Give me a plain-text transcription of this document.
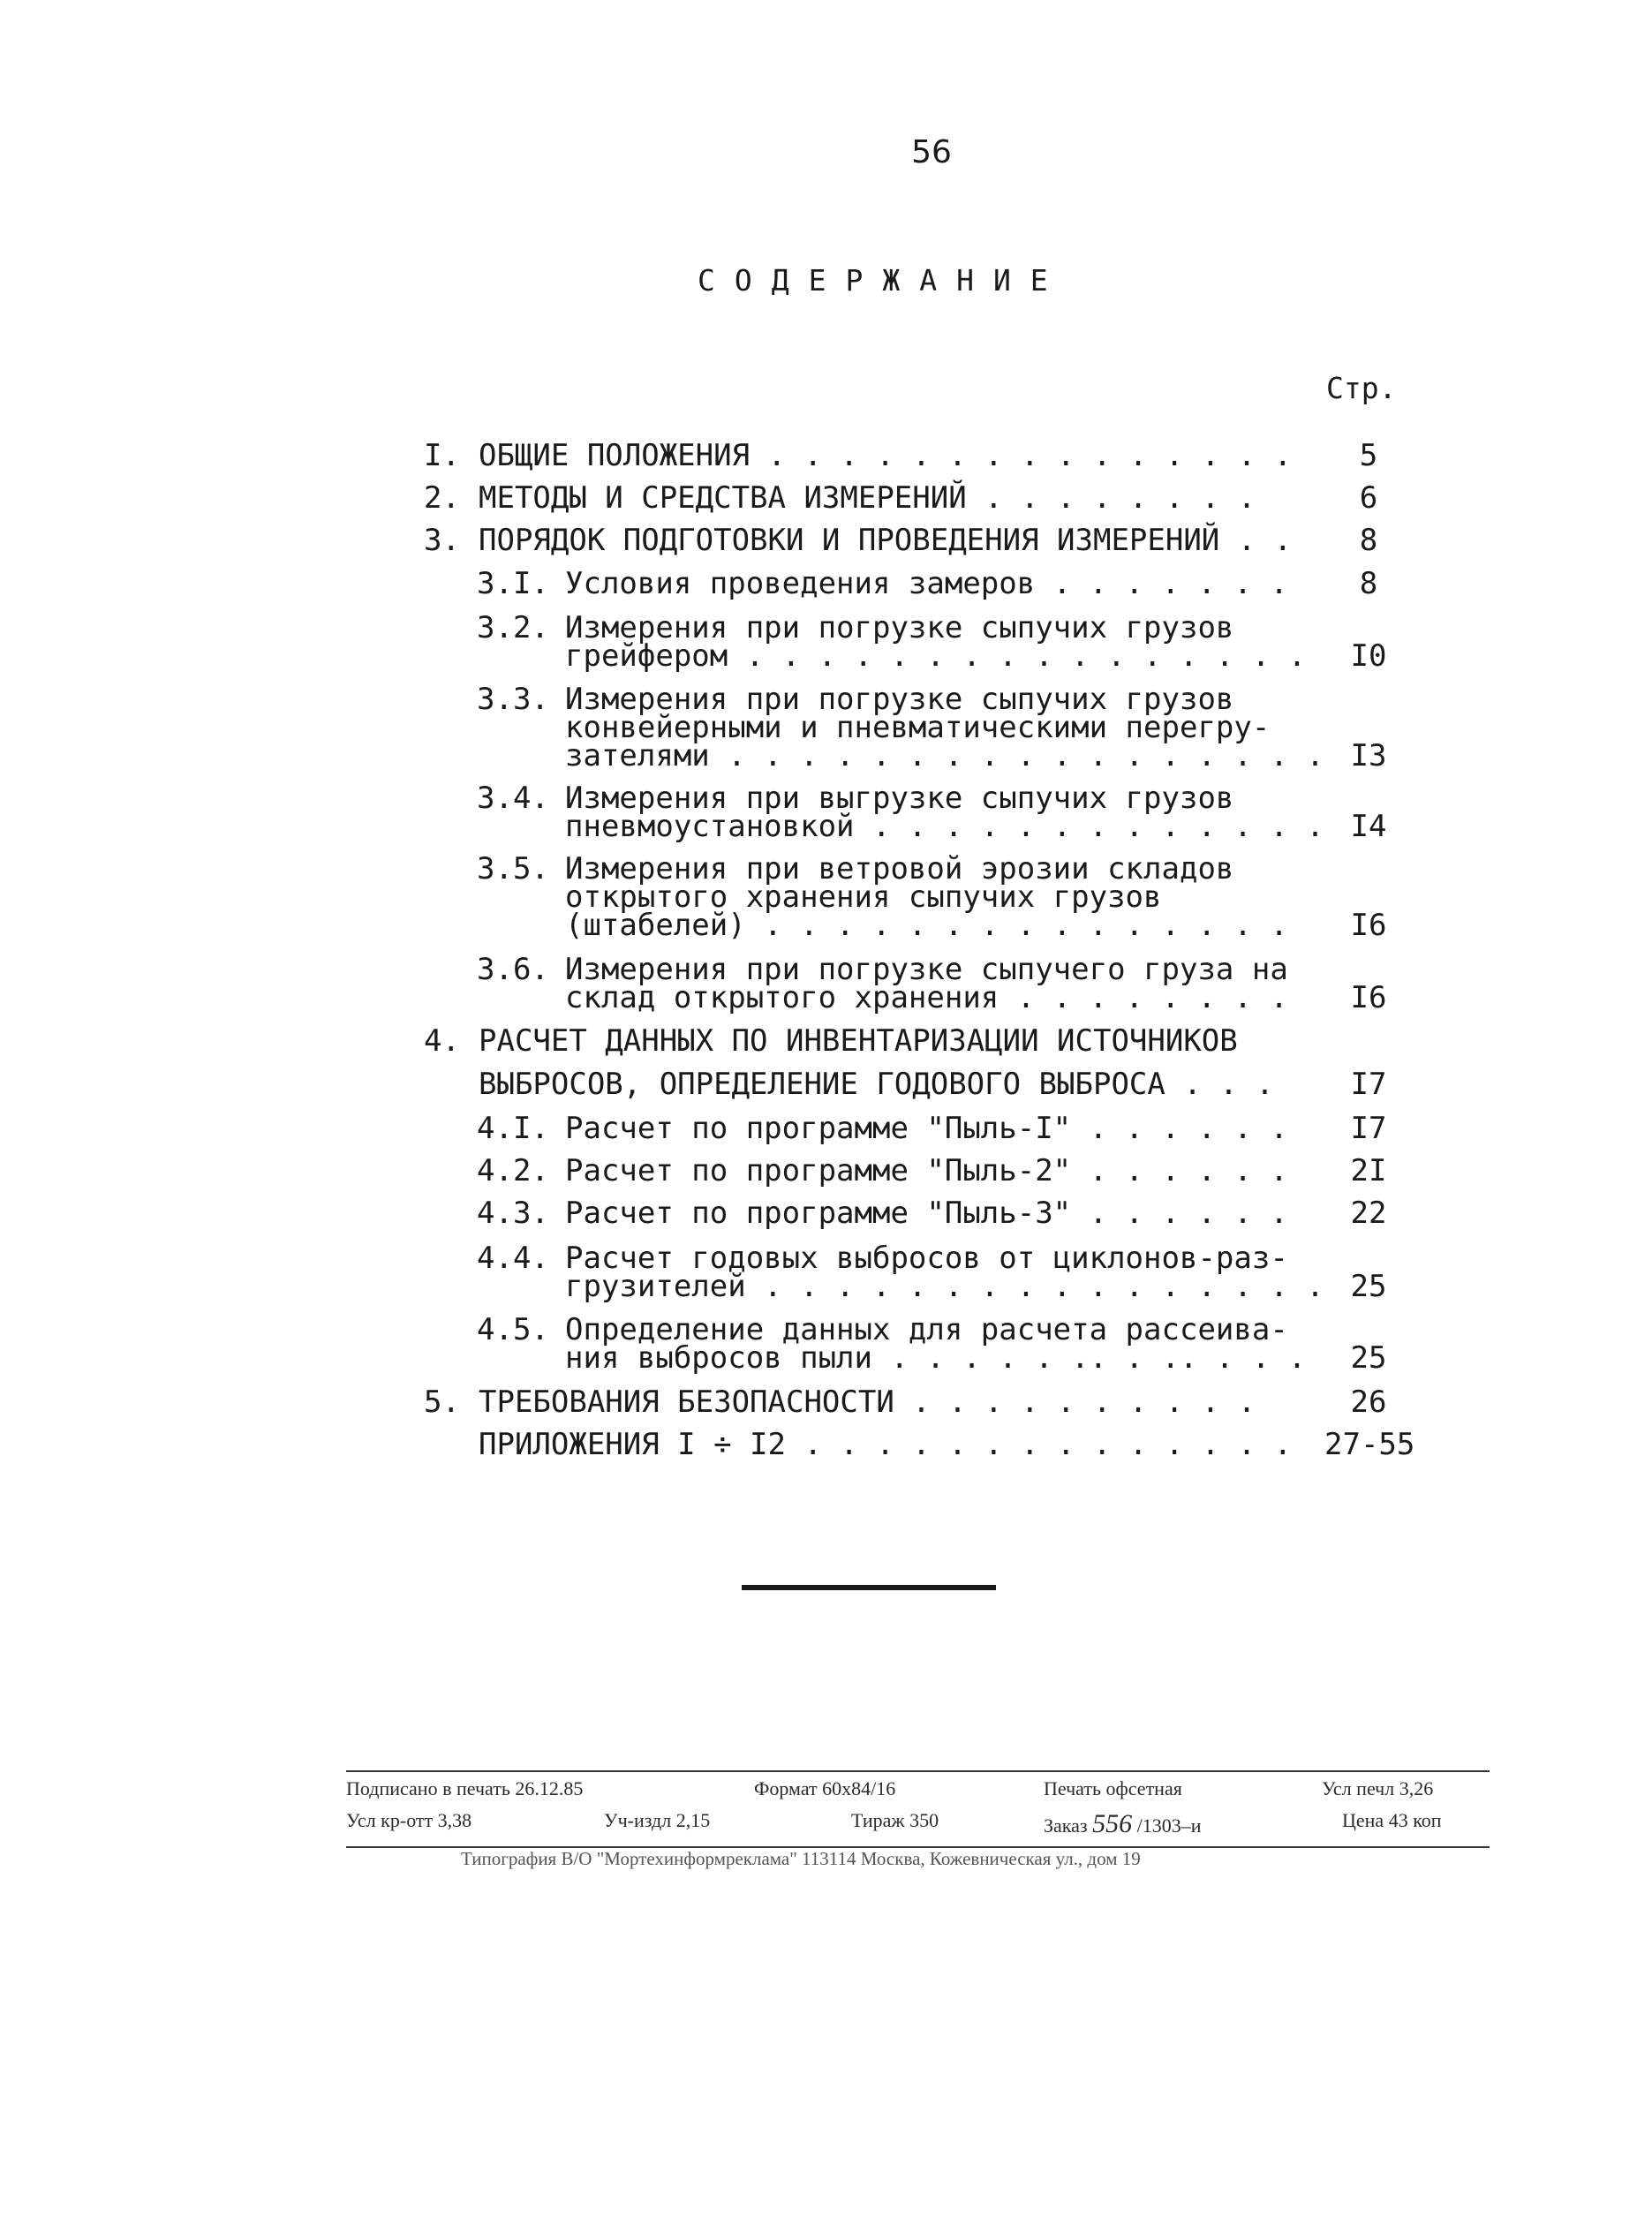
56
СОДЕРЖАНИЕ
Стр.
I. ОБЩИЕ ПОЛОЖЕНИЯ . . . . . . . . . . . . . . .	5
2. МЕТОДЫ И СРЕДСТВА ИЗМЕРЕНИЙ . . . . . . . .	6
3. ПОРЯДОК ПОДГОТОВКИ И ПРОВЕДЕНИЯ ИЗМЕРЕНИЙ . .	8
3.I. Условия проведения замеров . . . . . . .	8
3.2. Измерения при погрузке сыпучих грузов
грейфером . . . . . . . . . . . . . . . .	I0
3.3. Измерения при погрузке сыпучих грузов
конвейерными и пневматическими перегру-
зателями . . . . . . . . . . . . . . . . . I3
3.4. Измерения при выгрузке сыпучих грузов
пневмоустановкой . . . . . . . . . . . . . I4
3.5. Измерения при ветровой эрозии складов
открытого хранения сыпучих грузов
(штабелей) . . . . . . . . . . . . . . .	I6
3.6. Измерения при погрузке сыпучего груза на
склад открытого хранения . . . . . . . .	I6
4. РАСЧЕТ ДАННЫХ ПО ИНВЕНТАРИЗАЦИИ ИСТОЧНИКОВ
ВЫБРОСОВ, ОПРЕДЕЛЕНИЕ ГОДОВОГО ВЫБРОСА . . .	I7
4.I. Расчет по программе "Пыль-I" . . . . . .	I7
4.2. Расчет по программе "Пыль-2" . . . . . .	2I
4.3. Расчет по программе "Пыль-3" . . . . . .	22
4.4. Расчет годовых выбросов от циклонов-раз-
грузителей . . . . . . . . . . . . . . . . 25
4.5. Определение данных для расчета рассеива-
ния выбросов пыли . . . . . .. . .. . . .	25
5. ТРЕБОВАНИЯ БЕЗОПАСНОСТИ . . . . . . . . . .	26
ПРИЛОЖЕНИЯ I ÷ I2 . . . . . . . . . . . . . . 27-55
Подписано в печать 26.12.85	Формат 60х84/16	Печать офсетная	Усл печл 3,26
Усл кр-отт 3,38	Уч-издл 2,15	Тираж 350	Заказ 556 /1303–и	Цена 43 коп
Типография В/О "Мортехинформреклама" 113114 Москва, Кожевническая ул., дом 19
